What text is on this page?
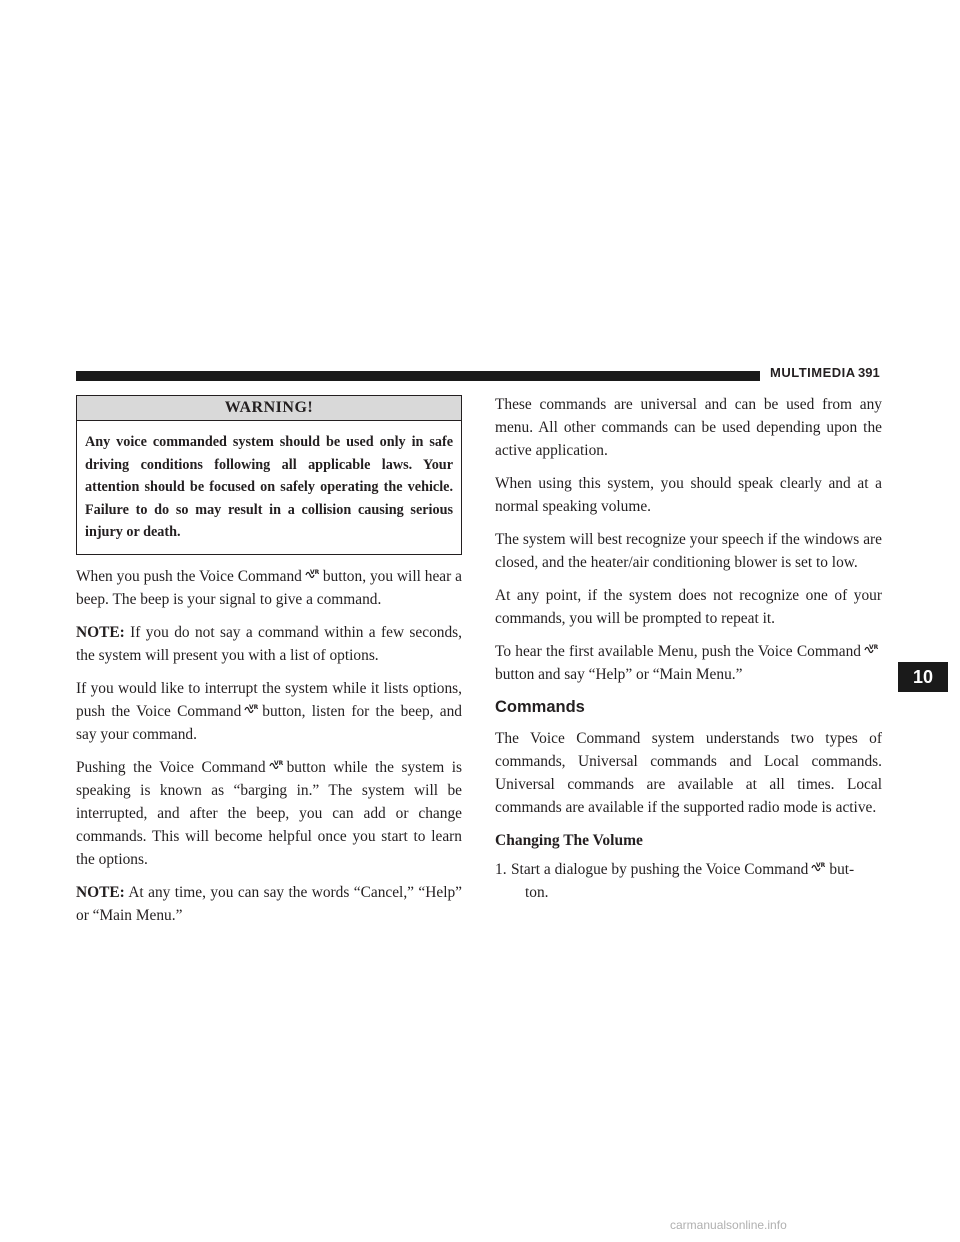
MULTIMEDIA 391
WARNING!
Any voice commanded system should be used only in safe driving conditions following all applicable laws. Your attention should be focused on safely operating the vehicle. Failure to do so may result in a collision causing serious injury or death.

When you push the Voice Command VR button, you will hear a beep. The beep is your signal to give a command.

NOTE: If you do not say a command within a few seconds, the system will present you with a list of options.

If you would like to interrupt the system while it lists options, push the Voice Command VR button, listen for the beep, and say your command.

Pushing the Voice Command VR button while the system is speaking is known as “barging in.” The system will be interrupted, and after the beep, you can add or change commands. This will become helpful once you start to learn the options.

NOTE: At any time, you can say the words “Cancel,” “Help” or “Main Menu.”

These commands are universal and can be used from any menu. All other commands can be used depending upon the active application.

When using this system, you should speak clearly and at a normal speaking volume.

The system will best recognize your speech if the windows are closed, and the heater/air conditioning blower is set to low.

At any point, if the system does not recognize one of your commands, you will be prompted to repeat it.

To hear the first available Menu, push the Voice Command VR
button and say “Help” or “Main Menu.”

Commands

The Voice Command system understands two types of commands, Universal commands and Local commands. Universal commands are available at all times. Local commands are available if the supported radio mode is active.

Changing The Volume
1. Start a dialogue by pushing the Voice Command VR but-
ton.
10
carmanualsonline.info
